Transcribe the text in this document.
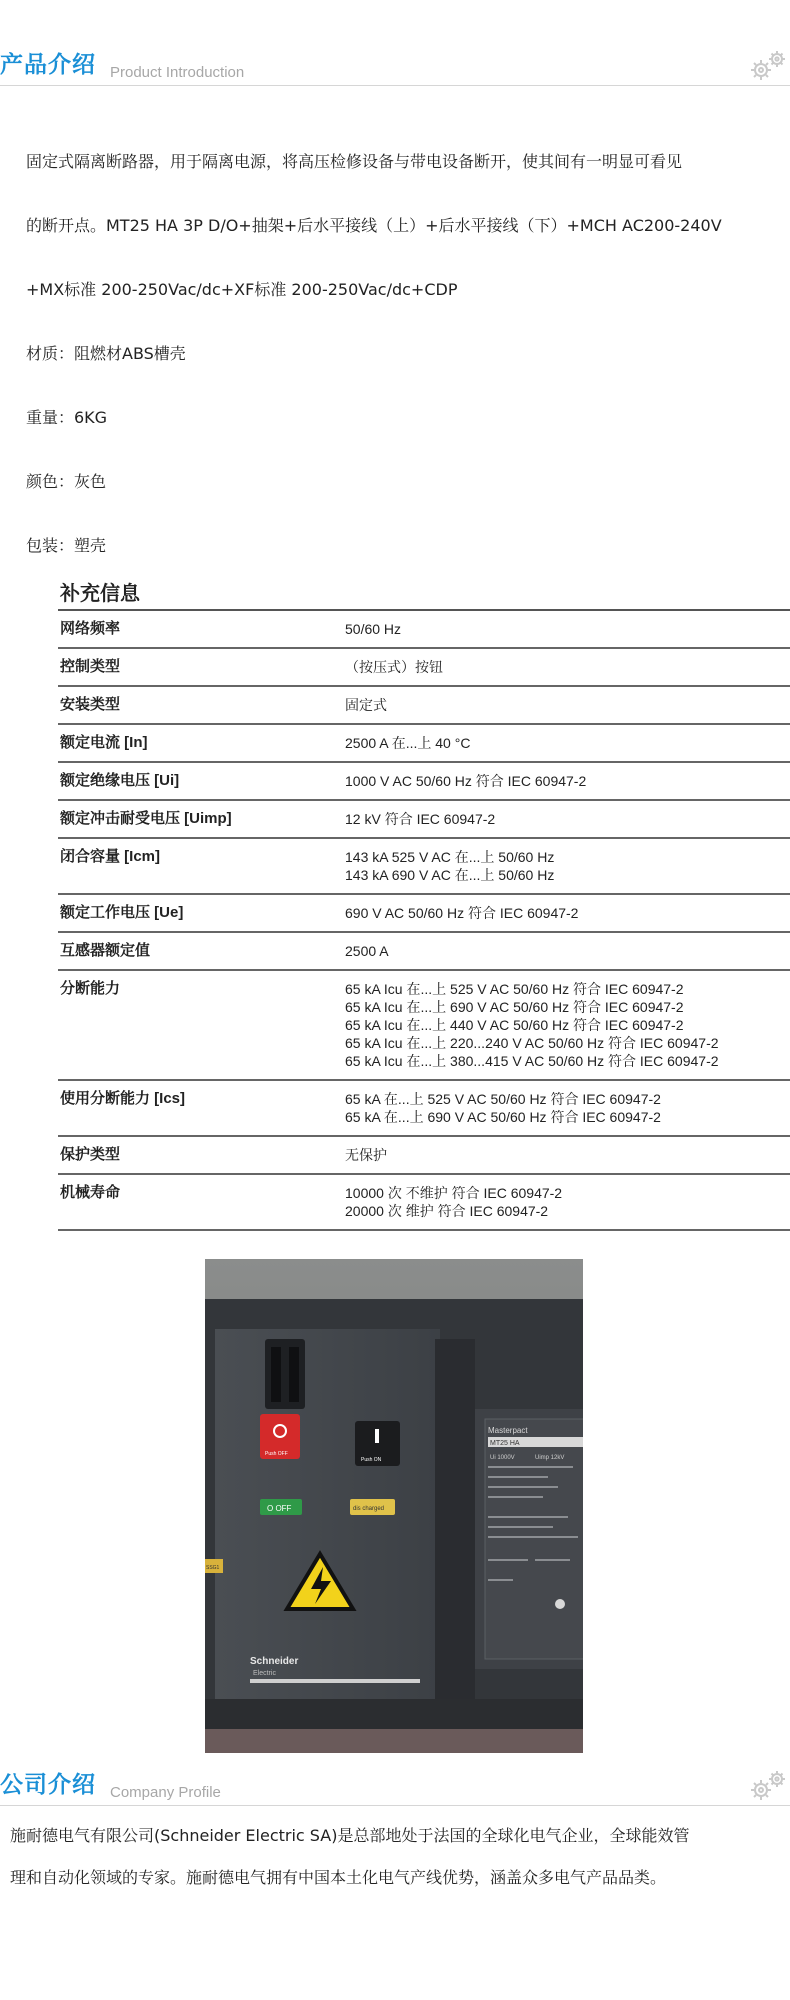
产品介绍 Product Introduction
固定式隔离断路器，用于隔离电源，将高压检修设备与带电设备断开，使其间有一明显可看见
的断开点。MT25 HA 3P D/O+抽架+后水平接线（上）+后水平接线（下）+MCH AC200-240V
+MX标准 200-250Vac/dc+XF标准 200-250Vac/dc+CDP
材质：阻燃材ABS槽壳
重量：6KG
颜色：灰色
包装：塑壳
补充信息
网络频率	50/60 Hz
控制类型	（按压式）按钮
安装类型	固定式
额定电流 [In]	2500 A 在...上 40 °C
额定绝缘电压 [Ui]	1000 V AC 50/60 Hz 符合 IEC 60947-2
额定冲击耐受电压 [Uimp]	12 kV 符合 IEC 60947-2
闭合容量 [Icm]	143 kA 525 V AC 在...上 50/60 Hz
143 kA 690 V AC 在...上 50/60 Hz
额定工作电压 [Ue]	690 V AC 50/60 Hz 符合 IEC 60947-2
互感器额定值	2500 A
分断能力	65 kA Icu 在...上 525 V AC 50/60 Hz 符合 IEC 60947-2
65 kA Icu 在...上 690 V AC 50/60 Hz 符合 IEC 60947-2
65 kA Icu 在...上 440 V AC 50/60 Hz 符合 IEC 60947-2
65 kA Icu 在...上 220...240 V AC 50/60 Hz 符合 IEC 60947-2
65 kA Icu 在...上 380...415 V AC 50/60 Hz 符合 IEC 60947-2
使用分断能力 [Ics]	65 kA 在...上 525 V AC 50/60 Hz 符合 IEC 60947-2
65 kA 在...上 690 V AC 50/60 Hz 符合 IEC 60947-2
保护类型	无保护
机械寿命	10000 次 不维护 符合 IEC 60947-2
20000 次 维护 符合 IEC 60947-2
Masterpact
MT25 HA
Ui 1000V	Uimp 12kV
Push OFF
Push ON
O OFF	dis charged
Schneider
Electric
SSG1
公司介绍 Company Profile
施耐德电气有限公司(Schneider Electric SA)是总部地处于法国的全球化电气企业，全球能效管
理和自动化领域的专家。施耐德电气拥有中国本土化电气产线优势，涵盖众多电气产品品类。
